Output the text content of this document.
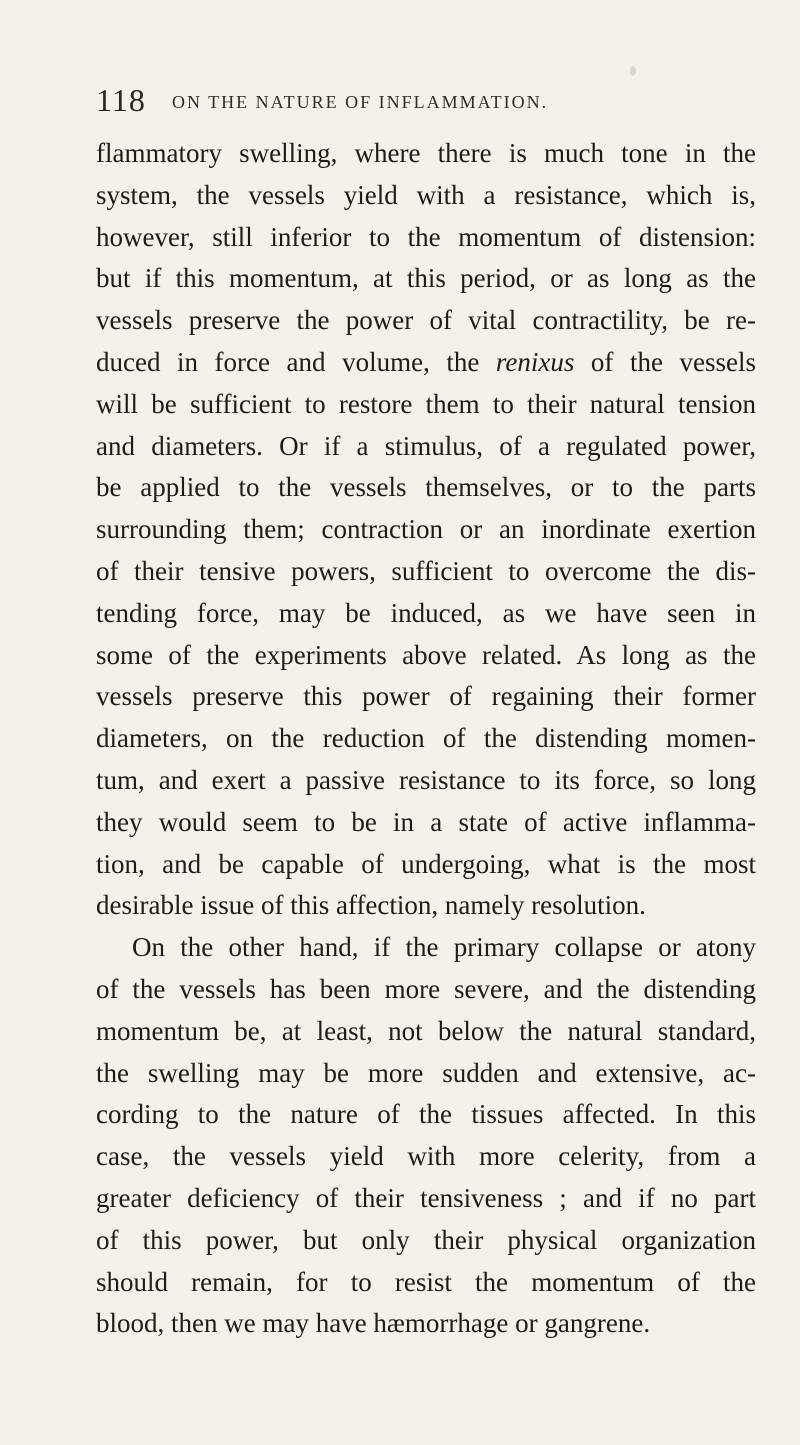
118 ON THE NATURE OF INFLAMMATION.
flammatory swelling, where there is much tone in the
system, the vessels yield with a resistance, which is,
however, still inferior to the momentum of distension:
but if this momentum, at this period, or as long as the
vessels preserve the power of vital contractility, be re-
duced in force and volume, the renixus of the vessels
will be sufficient to restore them to their natural tension
and diameters. Or if a stimulus, of a regulated power,
be applied to the vessels themselves, or to the parts
surrounding them; contraction or an inordinate exertion
of their tensive powers, sufficient to overcome the dis-
tending force, may be induced, as we have seen in
some of the experiments above related. As long as the
vessels preserve this power of regaining their former
diameters, on the reduction of the distending momen-
tum, and exert a passive resistance to its force, so long
they would seem to be in a state of active inflamma-
tion, and be capable of undergoing, what is the most
desirable issue of this affection, namely resolution.
On the other hand, if the primary collapse or atony
of the vessels has been more severe, and the distending
momentum be, at least, not below the natural standard,
the swelling may be more sudden and extensive, ac-
cording to the nature of the tissues affected. In this
case, the vessels yield with more celerity, from a
greater deficiency of their tensiveness ; and if no part
of this power, but only their physical organization
should remain, for to resist the momentum of the
blood, then we may have hæmorrhage or gangrene.
